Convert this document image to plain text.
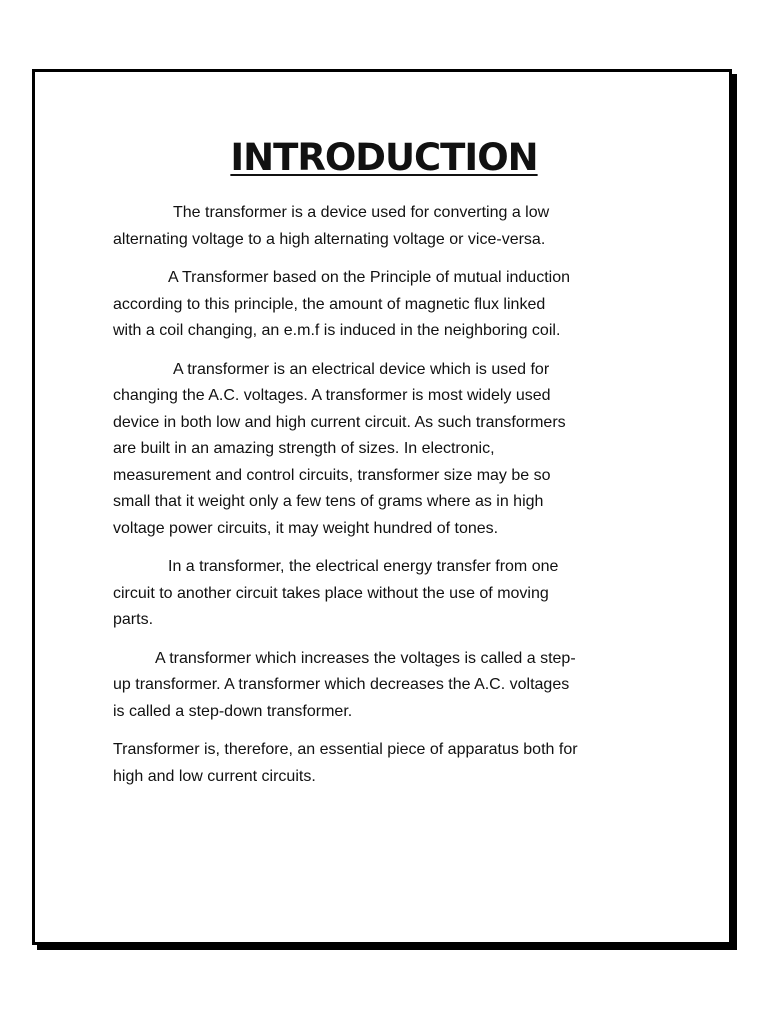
INTRODUCTION

The transformer is a device used for converting a low
alternating voltage to a high alternating voltage or vice-versa.

A Transformer based on the Principle of mutual induction
according to this principle, the amount of magnetic flux linked
with a coil changing, an e.m.f is induced in the neighboring coil.

A transformer is an electrical device which is used for
changing the A.C. voltages. A transformer is most widely used
device in both low and high current circuit. As such transformers
are built in an amazing strength of sizes. In electronic,
measurement and control circuits, transformer size may be so
small that it weight only a few tens of grams where as in high
voltage power circuits, it may weight hundred of tones.

In a transformer, the electrical energy transfer from one
circuit to another circuit takes place without the use of moving
parts.

A transformer which increases the voltages is called a step-
up transformer. A transformer which decreases the A.C. voltages
is called a step-down transformer.

Transformer is, therefore, an essential piece of apparatus both for
high and low current circuits.
